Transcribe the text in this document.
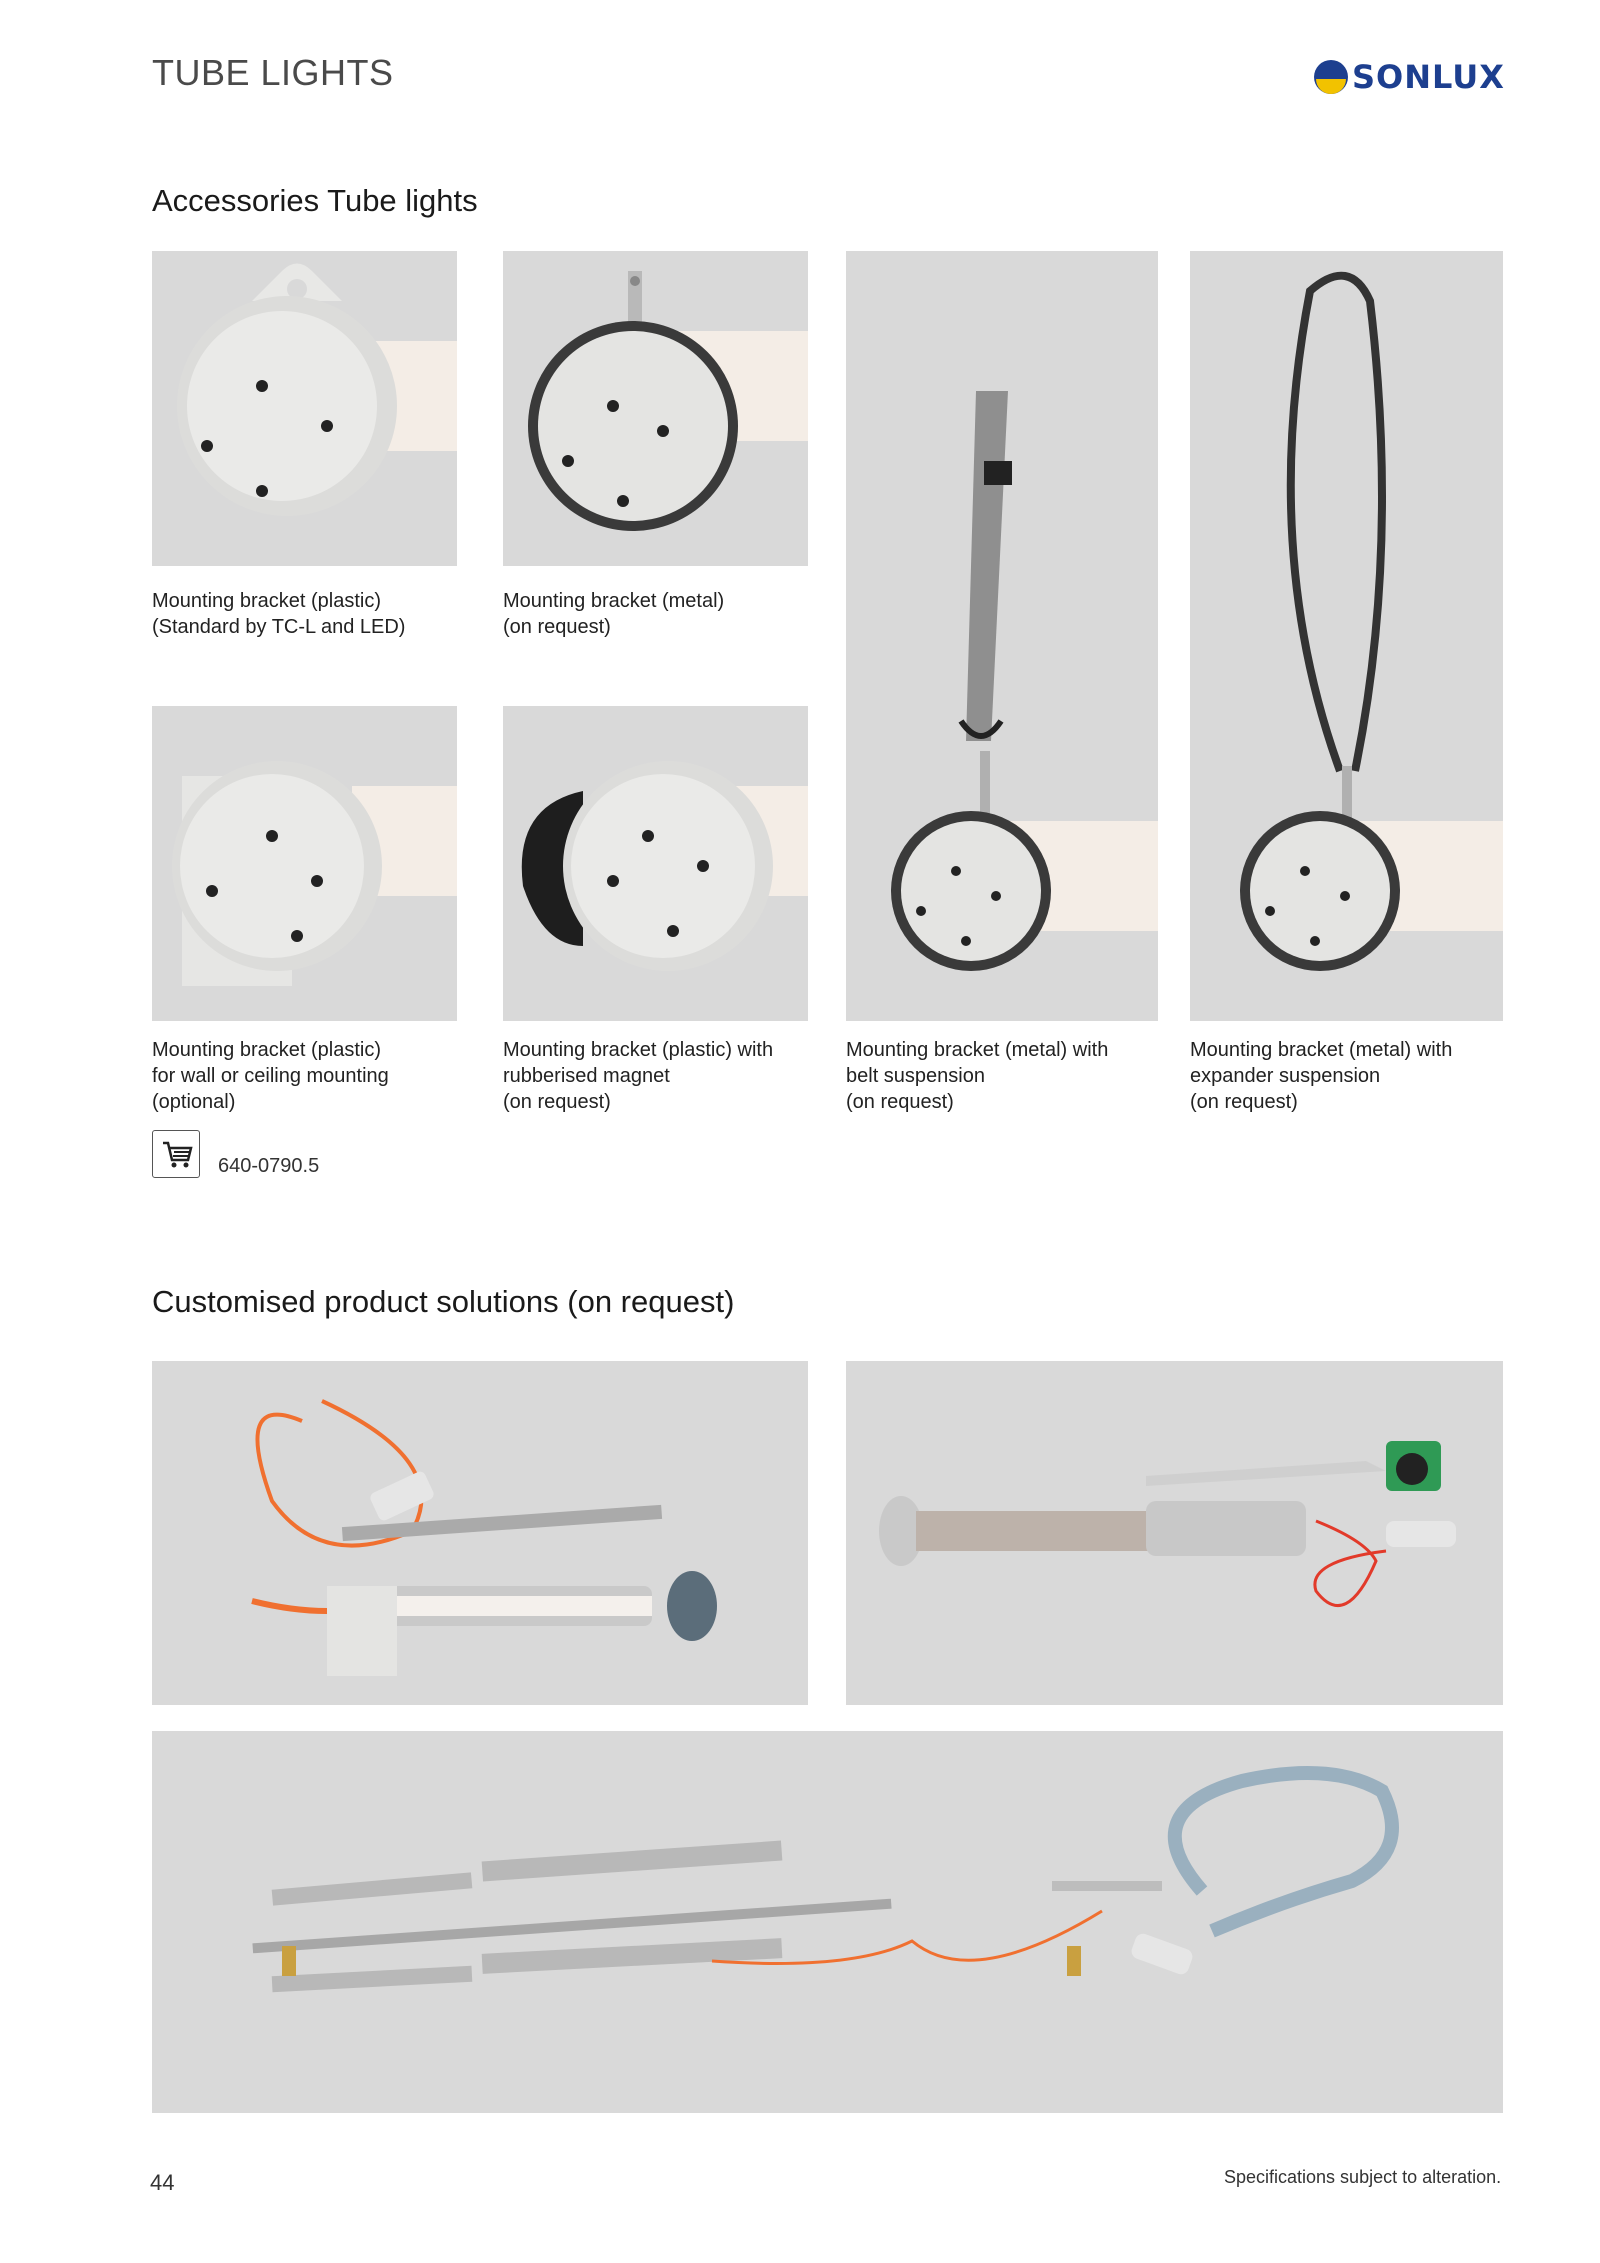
TUBE LIGHTS	SONLUX
Accessories Tube lights
Mounting bracket (plastic)
(Standard by TC-L and LED)
Mounting bracket (metal)
(on request)
Mounting bracket (plastic)
for wall or ceiling mounting
(optional)
Mounting bracket (plastic) with
rubberised magnet
(on request)
Mounting bracket (metal) with
belt suspension
(on request)
Mounting bracket (metal) with
expander suspension
(on request)
640-0790.5
Customised product solutions (on request)
44	Specifications subject to alteration.
